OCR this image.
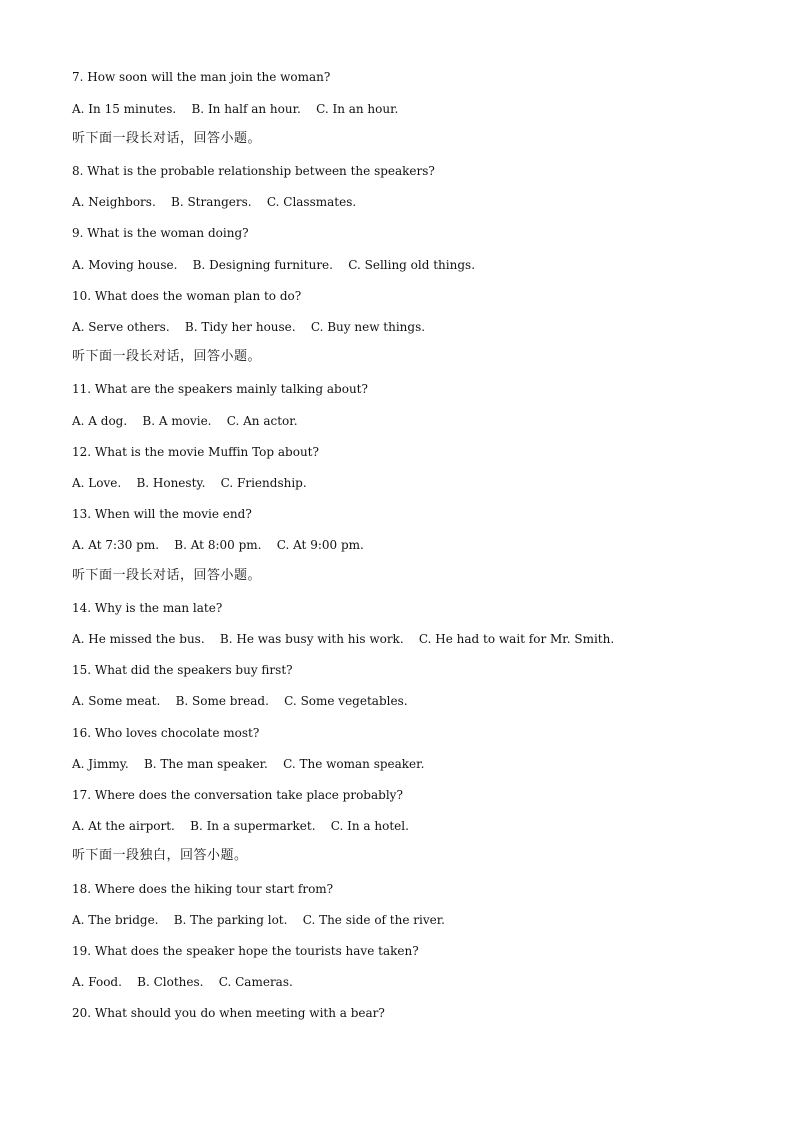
7. How soon will the man join the woman?
A. In 15 minutes.    B. In half an hour.    C. In an hour.
听下面一段长对话，回答小题。
8. What is the probable relationship between the speakers?
A. Neighbors.    B. Strangers.    C. Classmates.
9. What is the woman doing?
A. Moving house.    B. Designing furniture.    C. Selling old things.
10. What does the woman plan to do?
A. Serve others.    B. Tidy her house.    C. Buy new things.
听下面一段长对话，回答小题。
11. What are the speakers mainly talking about?
A. A dog.    B. A movie.    C. An actor.
12. What is the movie Muffin Top about?
A. Love.    B. Honesty.    C. Friendship.
13. When will the movie end?
A. At 7:30 pm.    B. At 8:00 pm.    C. At 9:00 pm.
听下面一段长对话，回答小题。
14. Why is the man late?
A. He missed the bus.    B. He was busy with his work.    C. He had to wait for Mr. Smith.
15. What did the speakers buy first?
A. Some meat.    B. Some bread.    C. Some vegetables.
16. Who loves chocolate most?
A. Jimmy.    B. The man speaker.    C. The woman speaker.
17. Where does the conversation take place probably?
A. At the airport.    B. In a supermarket.    C. In a hotel.
听下面一段独白，回答小题。
18. Where does the hiking tour start from?
A. The bridge.    B. The parking lot.    C. The side of the river.
19. What does the speaker hope the tourists have taken?
A. Food.    B. Clothes.    C. Cameras.
20. What should you do when meeting with a bear?
